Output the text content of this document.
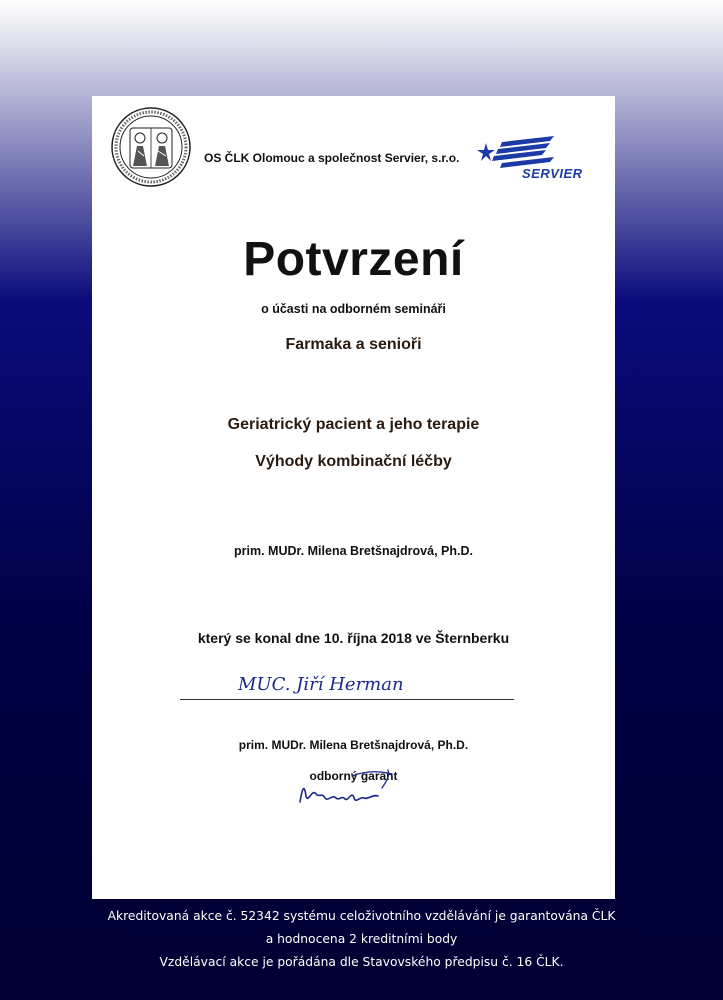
OS ČLK Olomouc a společnost Servier, s.r.o.
SERVIER
Potvrzení
o účasti na odborném semináři
Farmaka a senioři
Geriatrický pacient a jeho terapie
Výhody kombinační léčby
prim. MUDr. Milena Bretšnajdrová, Ph.D.
který se konal dne 10. října 2018 ve Šternberku
MUC. Jiří Herman
prim. MUDr. Milena Bretšnajdrová, Ph.D.
odborný garant
Akreditovaná akce č. 52342 systému celoživotního vzdělávání je garantována ČLK
a hodnocena 2 kreditními body
Vzdělávací akce je pořádána dle Stavovského předpisu č. 16 ČLK.
